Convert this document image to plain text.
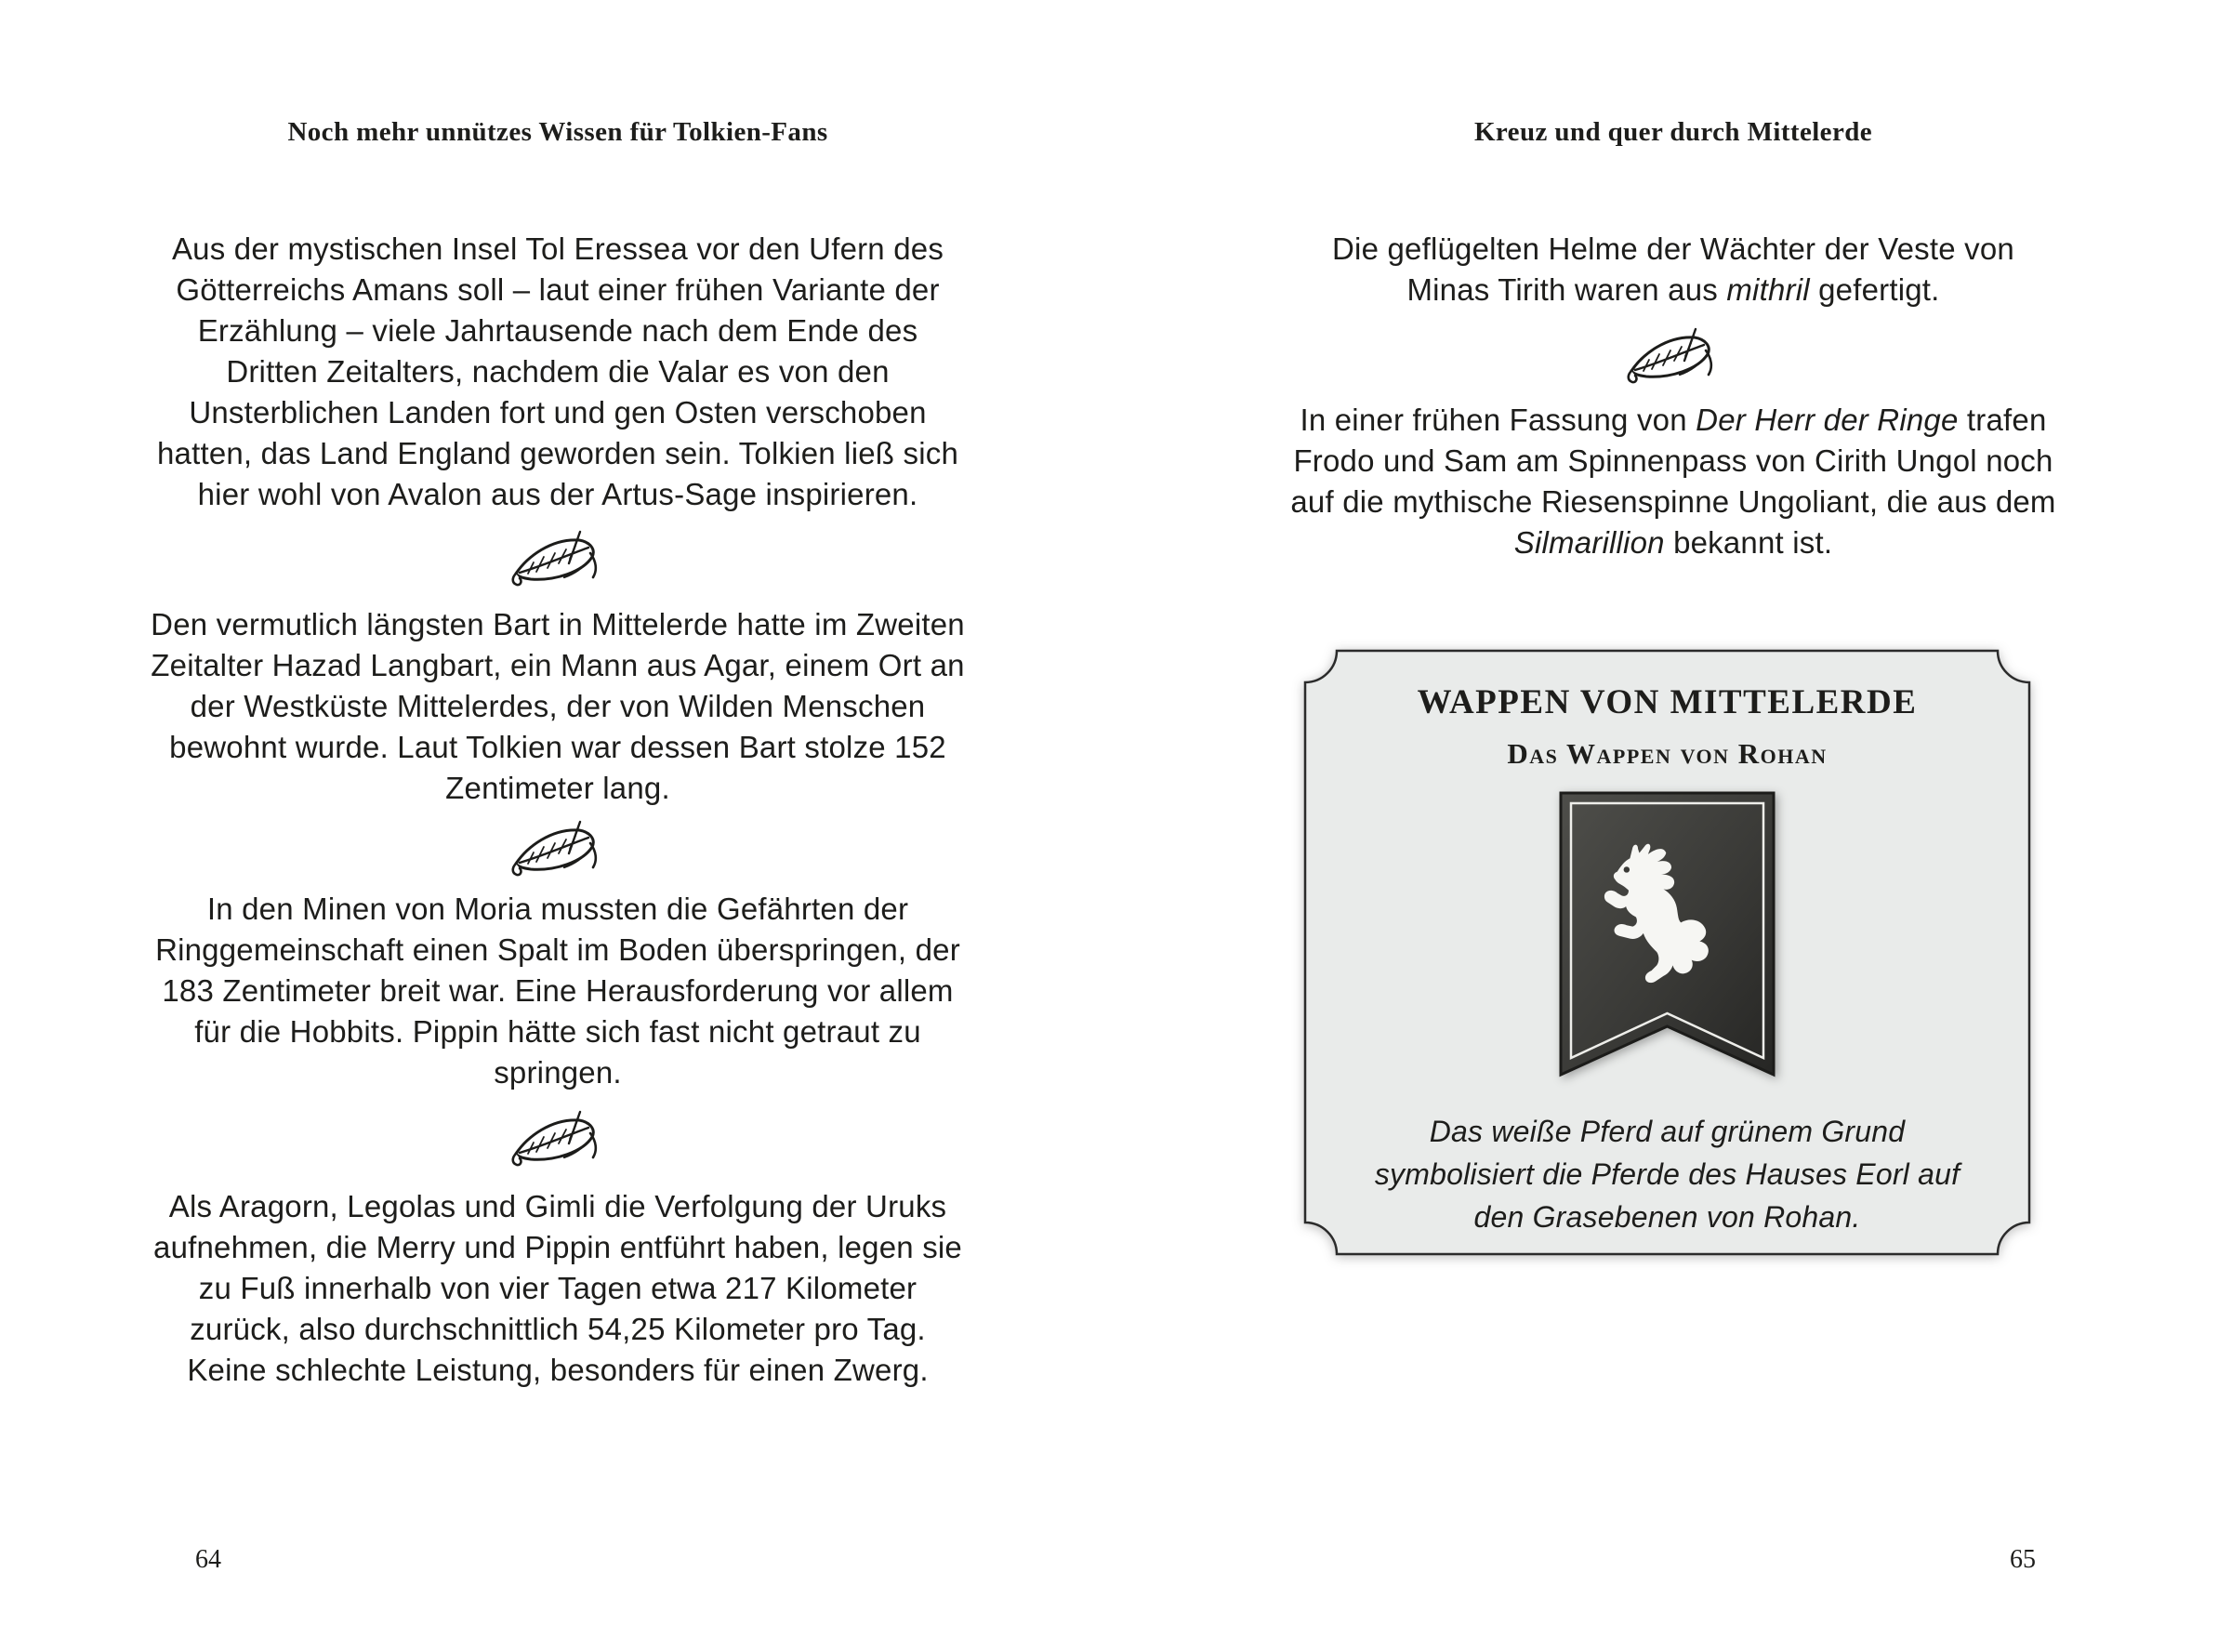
Noch mehr unnützes Wissen für Tolkien-Fans

Aus der mystischen Insel Tol Eressea vor den Ufern des Götterreichs Amans soll – laut einer frühen Variante der Erzählung – viele Jahrtausende nach dem Ende des Dritten Zeitalters, nachdem die Valar es von den Unsterblichen Landen fort und gen Osten verschoben hatten, das Land England geworden sein. Tolkien ließ sich hier wohl von Avalon aus der Artus-Sage inspirieren.

Den vermutlich längsten Bart in Mittelerde hatte im Zweiten Zeitalter Hazad Langbart, ein Mann aus Agar, einem Ort an der Westküste Mittelerdes, der von Wilden Menschen bewohnt wurde. Laut Tolkien war dessen Bart stolze 152 Zentimeter lang.

In den Minen von Moria mussten die Gefährten der Ringgemeinschaft einen Spalt im Boden überspringen, der 183 Zentimeter breit war. Eine Herausforderung vor allem für die Hobbits. Pippin hätte sich fast nicht getraut zu springen.

Als Aragorn, Legolas und Gimli die Verfolgung der Uruks aufnehmen, die Merry und Pippin entführt haben, legen sie zu Fuß innerhalb von vier Tagen etwa 217 Kilometer zurück, also durchschnittlich 54,25 Kilometer pro Tag. Keine schlechte Leistung, besonders für einen Zwerg.

64
Kreuz und quer durch Mittelerde

Die geflügelten Helme der Wächter der Veste von Minas Tirith waren aus mithril gefertigt.

In einer frühen Fassung von Der Herr der Ringe trafen Frodo und Sam am Spinnenpass von Cirith Ungol noch auf die mythische Riesenspinne Ungoliant, die aus dem Silmarillion bekannt ist.

WAPPEN VON MITTELERDE
Das Wappen von Rohan

Das weiße Pferd auf grünem Grund symbolisiert die Pferde des Hauses Eorl auf den Grasebenen von Rohan.

65
